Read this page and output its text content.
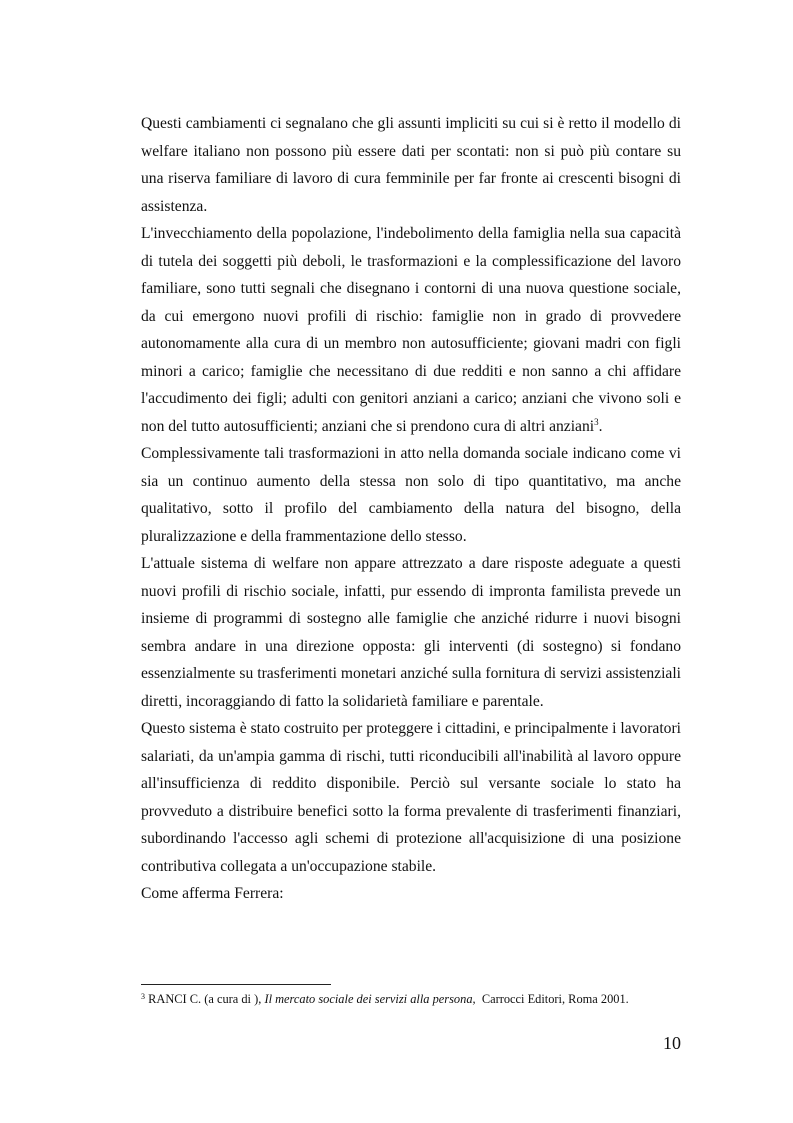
Questi cambiamenti ci segnalano che gli assunti impliciti su cui si è retto il modello di welfare italiano non possono più essere dati per scontati: non si può più contare su una riserva familiare di lavoro di cura femminile per far fronte ai crescenti bisogni di assistenza.

L'invecchiamento della popolazione, l'indebolimento della famiglia nella sua capacità di tutela dei soggetti più deboli, le trasformazioni e la complessificazione del lavoro familiare, sono tutti segnali che disegnano i contorni di una nuova questione sociale, da cui emergono nuovi profili di rischio: famiglie non in grado di provvedere autonomamente alla cura di un membro non autosufficiente; giovani madri con figli minori a carico; famiglie che necessitano di due redditi e non sanno a chi affidare l'accudimento dei figli; adulti con genitori anziani a carico; anziani che vivono soli e non del tutto autosufficienti; anziani che si prendono cura di altri anziani$^3$.

Complessivamente tali trasformazioni in atto nella domanda sociale indicano come vi sia un continuo aumento della stessa non solo di tipo quantitativo, ma anche qualitativo, sotto il profilo del cambiamento della natura del bisogno, della pluralizzazione e della frammentazione dello stesso.

L'attuale sistema di welfare non appare attrezzato a dare risposte adeguate a questi nuovi profili di rischio sociale, infatti, pur essendo di impronta familista prevede un insieme di programmi di sostegno alle famiglie che anziché ridurre i nuovi bisogni sembra andare in una direzione opposta: gli interventi (di sostegno) si fondano essenzialmente su trasferimenti monetari anziché sulla fornitura di servizi assistenziali diretti, incoraggiando di fatto la solidarietà familiare e parentale.

Questo sistema è stato costruito per proteggere i cittadini, e principalmente i lavoratori salariati, da un'ampia gamma di rischi, tutti riconducibili all'inabilità al lavoro oppure all'insufficienza di reddito disponibile. Perciò sul versante sociale lo stato ha provveduto a distribuire benefici sotto la forma prevalente di trasferimenti finanziari, subordinando l'accesso agli schemi di protezione all'acquisizione di una posizione contributiva collegata a un'occupazione stabile.

Come afferma Ferrera:

$^3$ RANCI C. (a cura di ), Il mercato sociale dei servizi alla persona, Carrocci Editori, Roma 2001.
10
